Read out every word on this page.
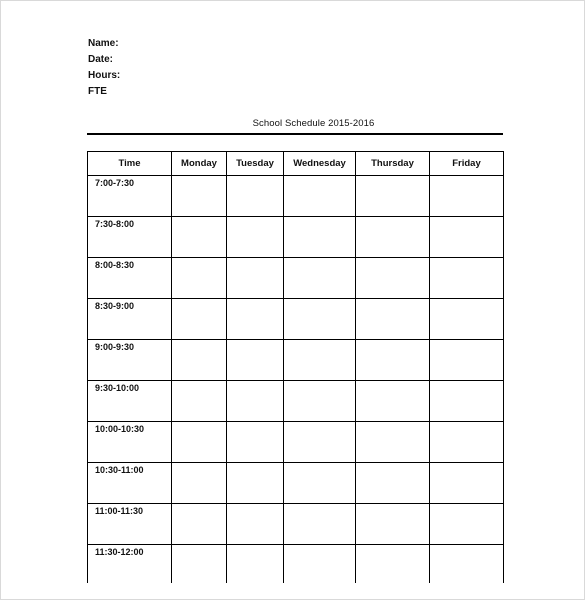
Name:
Date:
Hours:
FTE
School Schedule 2015-2016
Time	Monday	Tuesday	Wednesday	Thursday	Friday
7:00-7:30					
7:30-8:00					
8:00-8:30					
8:30-9:00					
9:00-9:30					
9:30-10:00					
10:00-10:30					
10:30-11:00					
11:00-11:30					
11:30-12:00					
